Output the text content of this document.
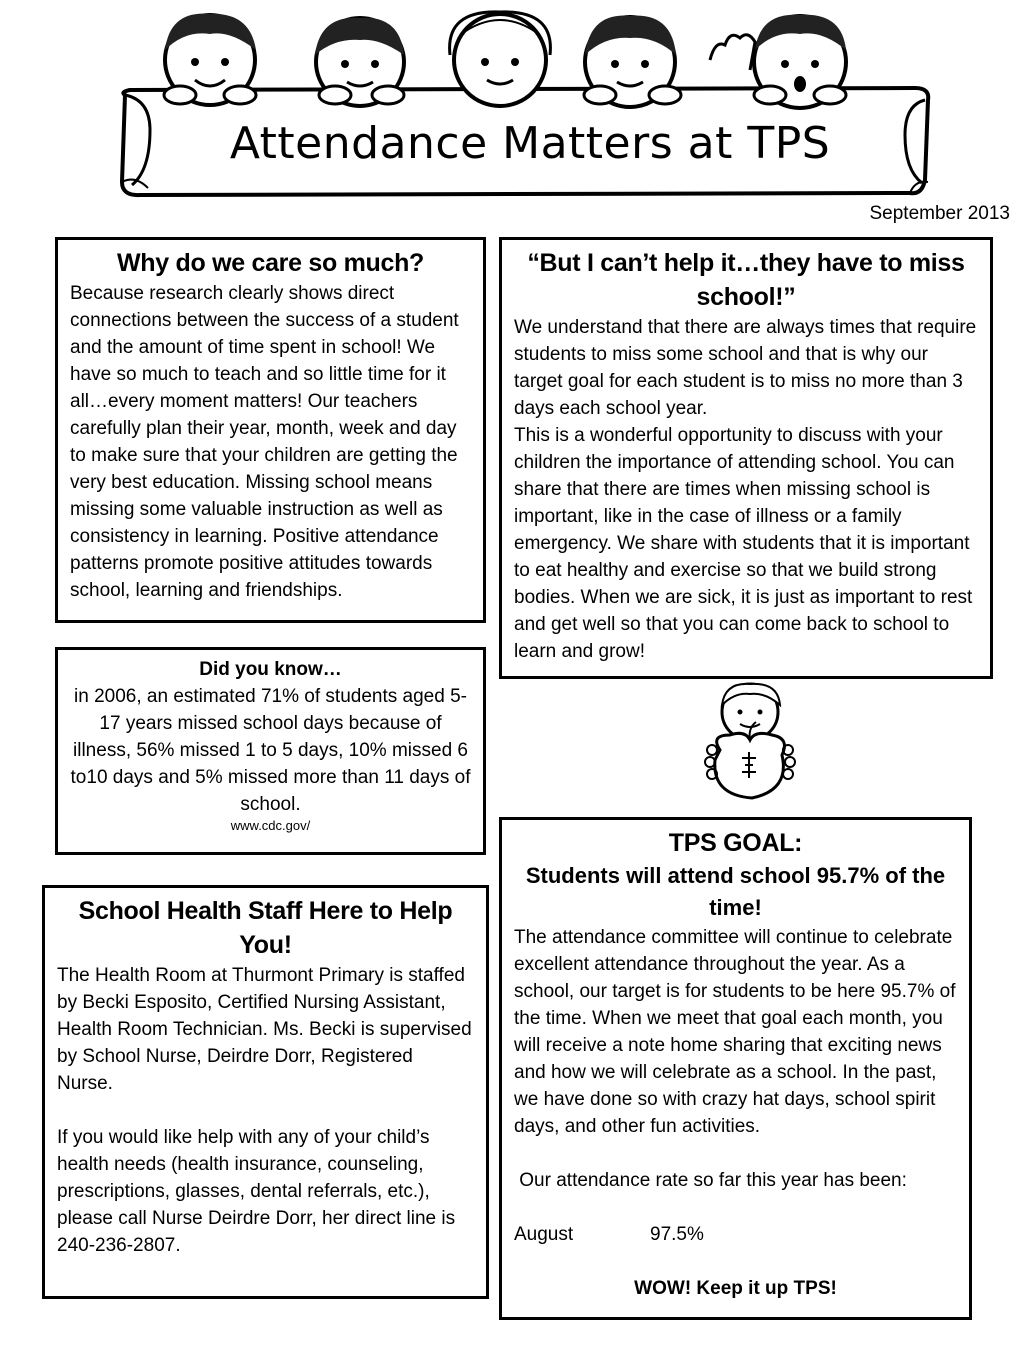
Attendance Matters at TPS
September 2013
Why do we care so much?

Because research clearly shows direct connections between the success of a student and the amount of time spent in school! We have so much to teach and so little time for it all…every moment matters! Our teachers carefully plan their year, month, week and day to make sure that your children are getting the very best education. Missing school means missing some valuable instruction as well as consistency in learning. Positive attendance patterns promote positive attitudes towards school, learning and friendships.

“But I can’t help it…they have to miss school!”

We understand that there are always times that require students to miss some school and that is why our target goal for each student is to miss no more than 3 days each school year.

This is a wonderful opportunity to discuss with your children the importance of attending school. You can share that there are times when missing school is important, like in the case of illness or a family emergency. We share with students that it is important to eat healthy and exercise so that we build strong bodies. When we are sick, it is just as important to rest and get well so that you can come back to school to learn and grow!

Did you know…

in 2006, an estimated 71% of students aged 5-17 years missed school days because of illness, 56% missed 1 to 5 days, 10% missed 6 to10 days and 5% missed more than 11 days of school.

www.cdc.gov/

TPS GOAL:
Students will attend school 95.7% of the time!

The attendance committee will continue to celebrate excellent attendance throughout the year. As a school, our target is for students to be here 95.7% of the time. When we meet that goal each month, you will receive a note home sharing that exciting news and how we will celebrate as a school. In the past, we have done so with crazy hat days, school spirit days, and other fun activities.

Our attendance rate so far this year has been:

August	97.5%

WOW! Keep it up TPS!

School Health Staff Here to Help You!

The Health Room at Thurmont Primary is staffed by Becki Esposito, Certified Nursing Assistant, Health Room Technician. Ms. Becki is supervised by School Nurse, Deirdre Dorr, Registered Nurse.

If you would like help with any of your child’s health needs (health insurance, counseling, prescriptions, glasses, dental referrals, etc.), please call Nurse Deirdre Dorr, her direct line is 240-236-2807.
